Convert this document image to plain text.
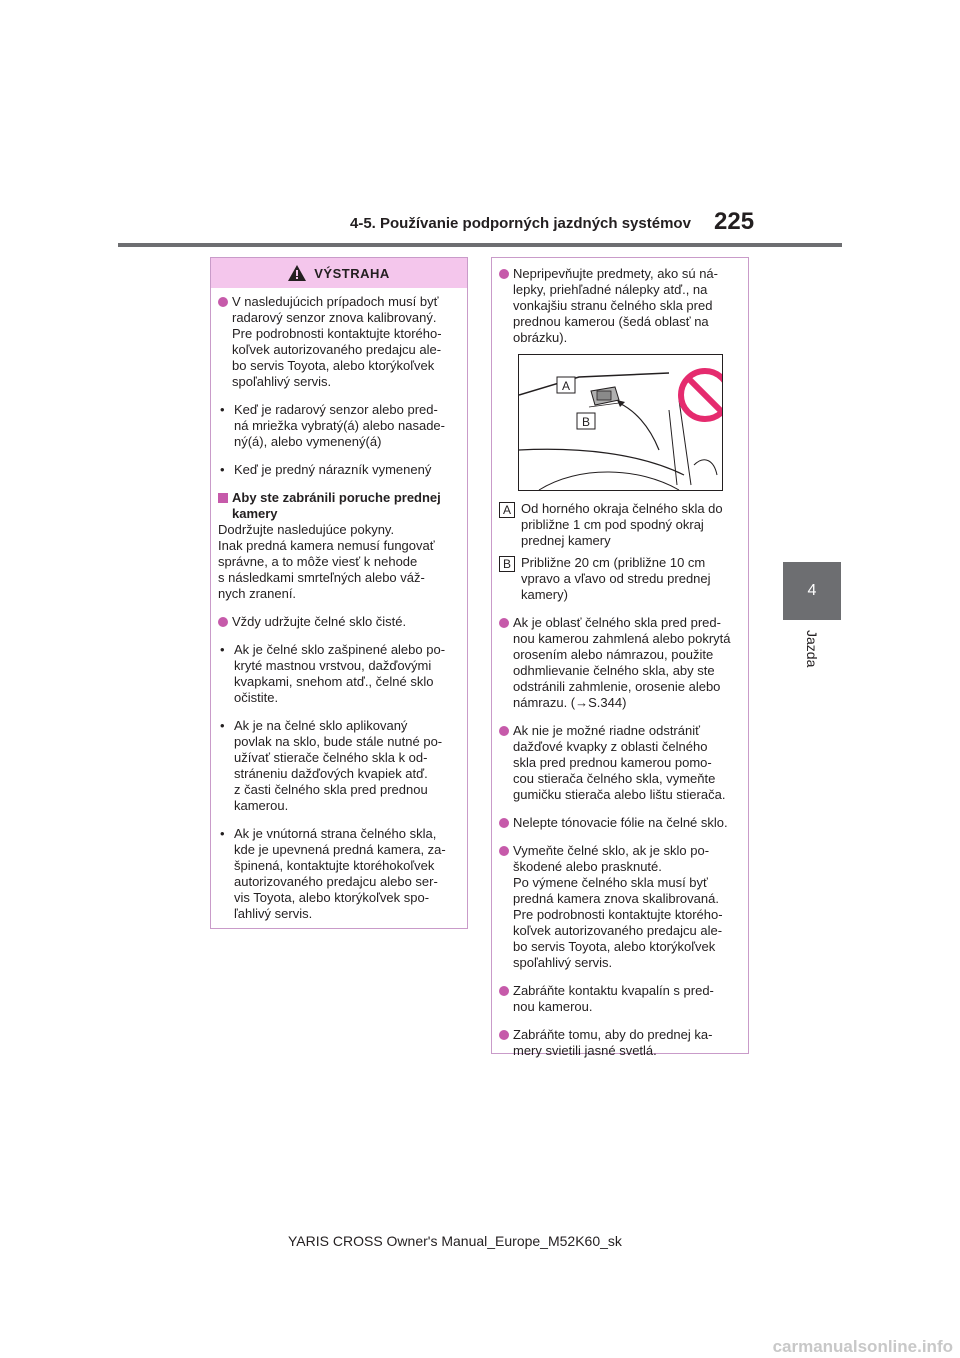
4-5. Používanie podporných jazdných systémov 225
4
Jazda
VÝSTRAHA
V nasledujúcich prípadoch musí byť
radarový senzor znova kalibrovaný.
Pre podrobnosti kontaktujte ktorého-
koľvek autorizovaného predajcu ale-
bo servis Toyota, alebo ktorýkoľvek
spoľahlivý servis.
• Keď je radarový senzor alebo pred-
ná mriežka vybratý(á) alebo nasade-
ný(á), alebo vymenený(á)
• Keď je predný nárazník vymenený
Aby ste zabránili poruche prednej
kamery
Dodržujte nasledujúce pokyny.
Inak predná kamera nemusí fungovať
správne, a to môže viesť k nehode
s následkami smrteľných alebo váž-
nych zranení.
Vždy udržujte čelné sklo čisté.
• Ak je čelné sklo zašpinené alebo po-
kryté mastnou vrstvou, dažďovými
kvapkami, snehom atď., čelné sklo
očistite.
• Ak je na čelné sklo aplikovaný
povlak na sklo, bude stále nutné po-
užívať stierače čelného skla k od-
stráneniu dažďových kvapiek atď.
z časti čelného skla pred prednou
kamerou.
• Ak je vnútorná strana čelného skla,
kde je upevnená predná kamera, za-
špinená, kontaktujte ktoréhokoľvek
autorizovaného predajcu alebo ser-
vis Toyota, alebo ktorýkoľvek spo-
ľahlivý servis.
Nepripevňujte predmety, ako sú ná-
lepky, priehľadné nálepky atď., na
vonkajšiu stranu čelného skla pred
prednou kamerou (šedá oblasť na
obrázku).
A
B
A Od horného okraja čelného skla do
približne 1 cm pod spodný okraj
prednej kamery
B Približne 20 cm (približne 10 cm
vpravo a vľavo od stredu prednej
kamery)
Ak je oblasť čelného skla pred pred-
nou kamerou zahmlená alebo pokrytá
orosením alebo námrazou, použite
odhmlievanie čelného skla, aby ste
odstránili zahmlenie, orosenie alebo
námrazu. (→S.344)
Ak nie je možné riadne odstrániť
dažďové kvapky z oblasti čelného
skla pred prednou kamerou pomo-
cou stierača čelného skla, vymeňte
gumičku stierača alebo lištu stierača.
Nelepte tónovacie fólie na čelné sklo.
Vymeňte čelné sklo, ak je sklo po-
škodené alebo prasknuté.
Po výmene čelného skla musí byť
predná kamera znova skalibrovaná.
Pre podrobnosti kontaktujte ktorého-
koľvek autorizovaného predajcu ale-
bo servis Toyota, alebo ktorýkoľvek
spoľahlivý servis.
Zabráňte kontaktu kvapalín s pred-
nou kamerou.
Zabráňte tomu, aby do prednej ka-
mery svietili jasné svetlá.
YARIS CROSS Owner's Manual_Europe_M52K60_sk
carmanualsonline.info
